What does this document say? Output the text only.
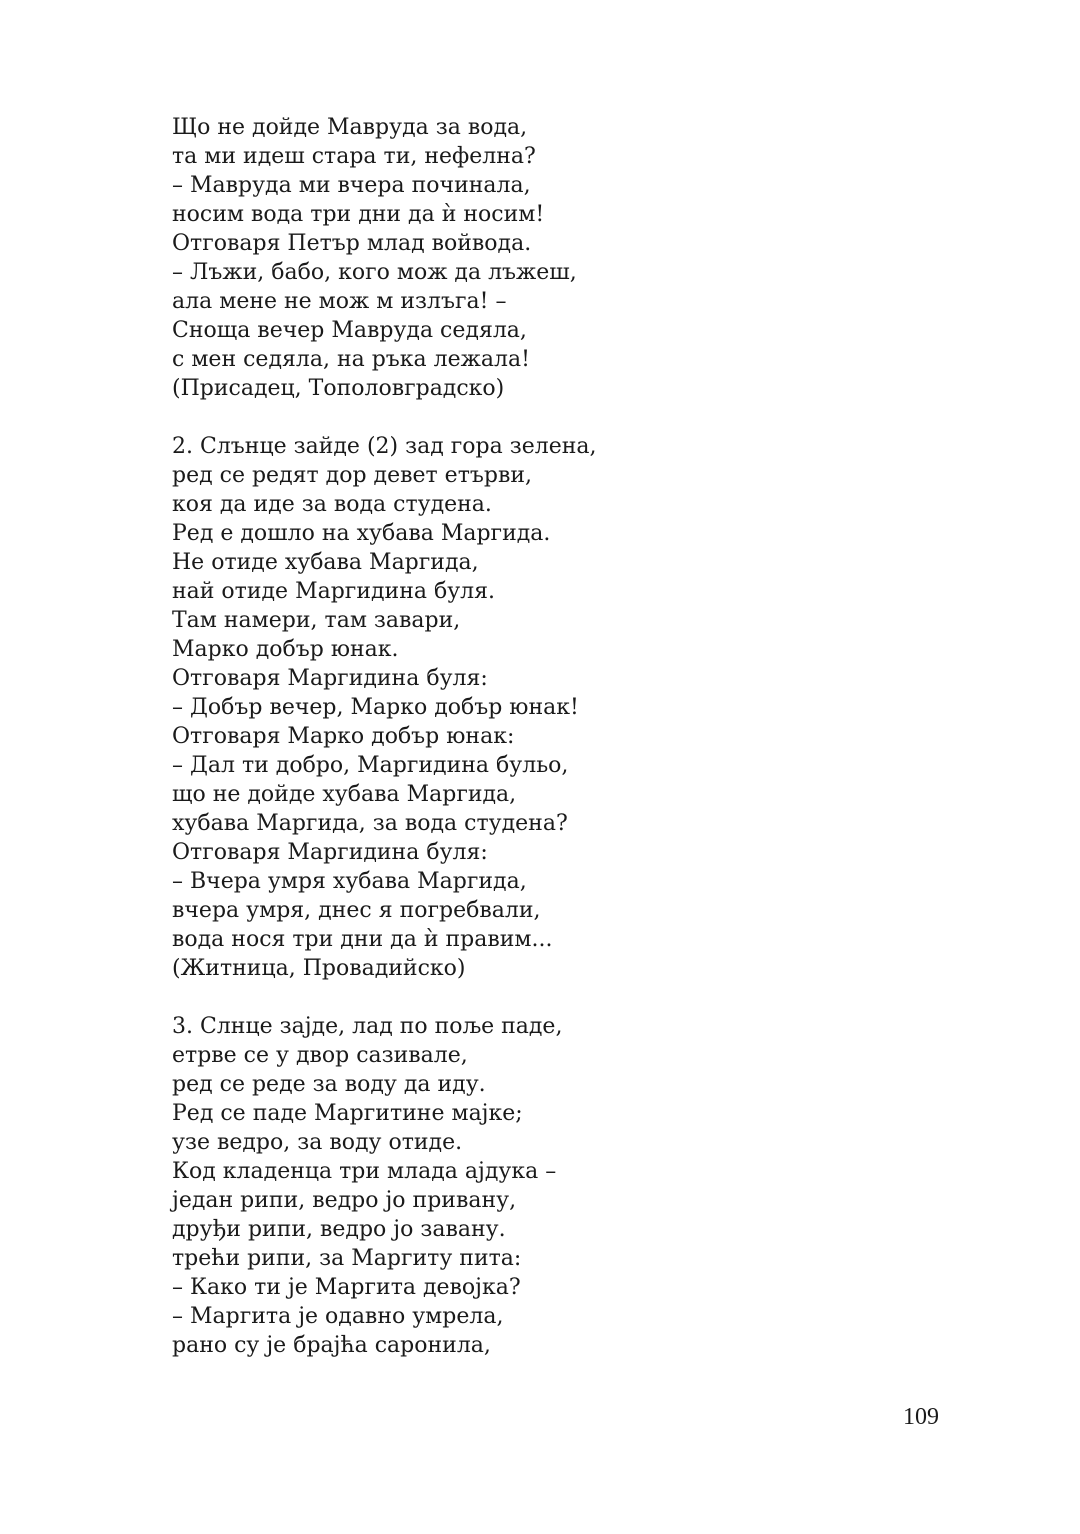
Що не дойде Мавруда за вода,
та ми идеш стара ти, нефелна?
– Мавруда ми вчера починала,
носим вода три дни да ѝ носим!
Отговаря Петър млад войвода.
– Лъжи, бабо, кого мож да лъжеш,
ала мене не мож м излъга! –
Сноща вечер Мавруда седяла,
с мен седяла, на ръка лежала!
(Присадец, Тополовградско)
2. Слънце зайде (2) зад гора зелена,
ред се редят дор девет етърви,
коя да иде за вода студена.
Ред е дошло на хубава Маргида.
Не отиде хубава Маргида,
най отиде Маргидина буля.
Там намери, там завари,
Марко добър юнак.
Отговаря Маргидина буля:
– Добър вечер, Марко добър юнак!
Отговаря Марко добър юнак:
– Дал ти добро, Маргидина бульо,
що не дойде хубава Маргида,
хубава Маргида, за вода студена?
Отговаря Маргидина буля:
– Вчера умря хубава Маргида,
вчера умря, днес я погребвали,
вода нося три дни да ѝ правим...
(Житница, Провадийско)
3. Слнце зајде, лад по поље паде,
етрве се у двор сазивале,
ред се реде за воду да иду.
Ред се паде Маргитине мајке;
узе ведро, за воду отиде.
Код кладенца три млада ајдука –
један рипи, ведро јо привану,
друђи рипи, ведро јо завану.
трећи рипи, за Маргиту пита:
– Како ти је Маргита девојка?
– Маргита је одавно умрела,
рано су је брајћа саронила,
109
